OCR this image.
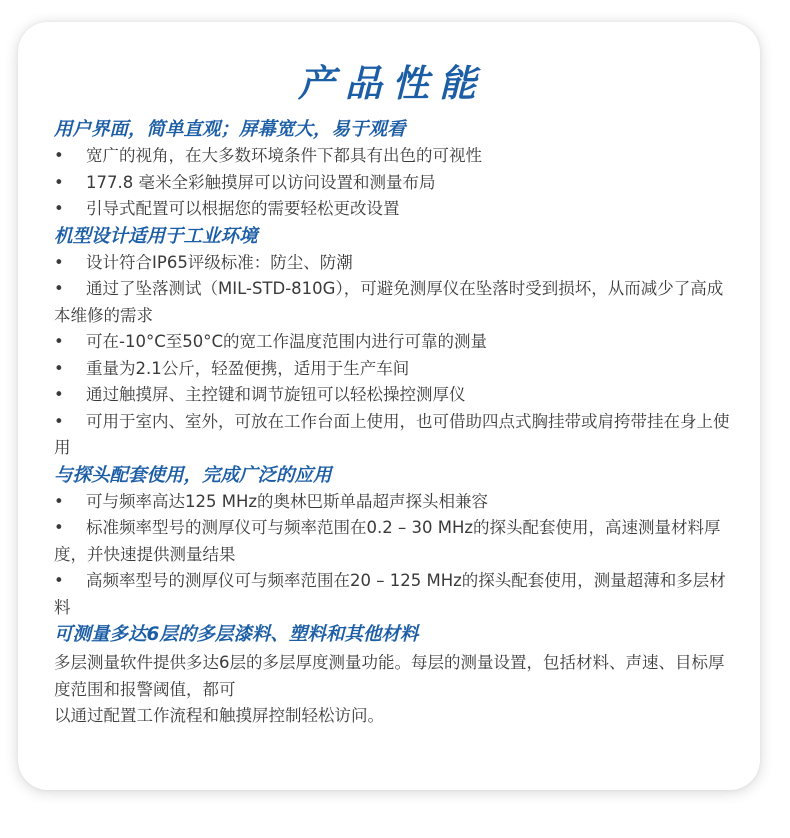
产品性能
用户界面，简单直观；屏幕宽大，易于观看
• 宽广的视角，在大多数环境条件下都具有出色的可视性
• 177.8 毫米全彩触摸屏可以访问设置和测量布局
• 引导式配置可以根据您的需要轻松更改设置
机型设计适用于工业环境
• 设计符合IP65评级标准：防尘、防潮
• 通过了坠落测试（MIL-STD-810G），可避免测厚仪在坠落时受到损坏，从而减少了高成本维修的需求
• 可在-10°C至50°C的宽工作温度范围内进行可靠的测量
• 重量为2.1公斤，轻盈便携，适用于生产车间
• 通过触摸屏、主控键和调节旋钮可以轻松操控测厚仪
• 可用于室内、室外，可放在工作台面上使用，也可借助四点式胸挂带或肩挎带挂在身上使用
与探头配套使用，完成广泛的应用
• 可与频率高达125 MHz的奥林巴斯单晶超声探头相兼容
• 标准频率型号的测厚仪可与频率范围在0.2 – 30 MHz的探头配套使用，高速测量材料厚度，并快速提供测量结果
• 高频率型号的测厚仪可与频率范围在20 – 125 MHz的探头配套使用，测量超薄和多层材料
可测量多达6层的多层漆料、塑料和其他材料
多层测量软件提供多达6层的多层厚度测量功能。每层的测量设置，包括材料、声速、目标厚度范围和报警阈值，都可
以通过配置工作流程和触摸屏控制轻松访问。
